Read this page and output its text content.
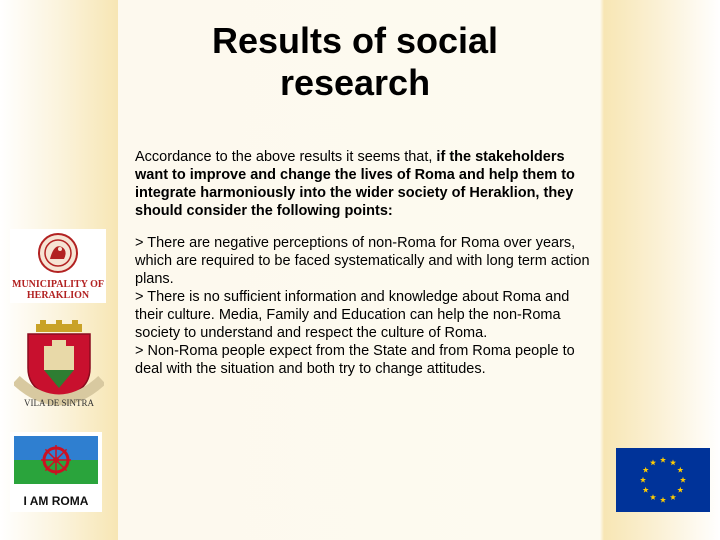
Results of social
research

Accordance to the above results it seems that, if the stakeholders want to improve and change the lives of Roma and help them to integrate harmoniously into the wider society of Heraklion, they should consider the following points:

> There are negative perceptions of non-Roma for Roma over years, which are required to be faced systematically and with long term action plans.

> There is no sufficient information and knowledge about Roma and their culture. Media, Family and Education can help the non-Roma society to understand and respect the culture of Roma.

> Non-Roma people expect from the State and from Roma people to deal with the situation and both try to change attitudes.

MUNICIPALITY OF
HERAKLION
VILA DE SINTRA
I AM ROMA
